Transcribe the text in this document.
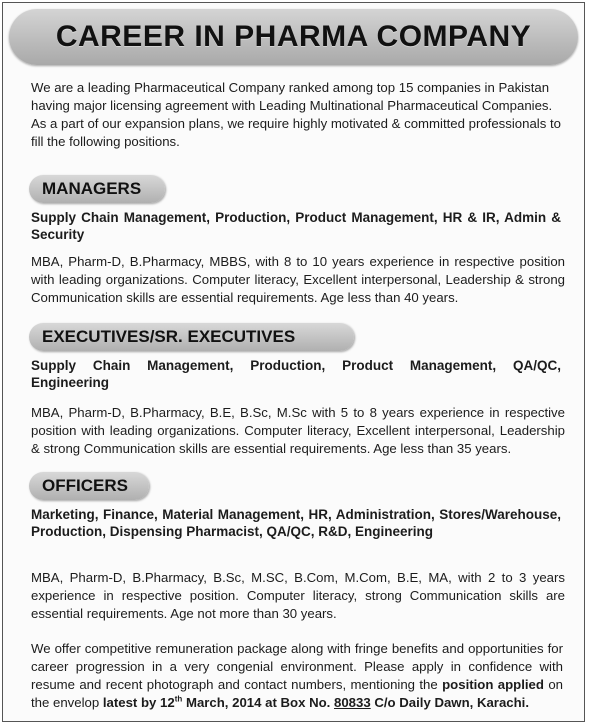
CAREER IN PHARMA COMPANY

We are a leading Pharmaceutical Company ranked among top 15 companies in Pakistan having major licensing agreement with Leading Multinational Pharmaceutical Companies. As a part of our expansion plans, we require highly motivated & committed professionals to fill the following positions.

MANAGERS

Supply Chain Management, Production, Product Management, HR & IR, Admin & Security

MBA, Pharm-D, B.Pharmacy, MBBS, with 8 to 10 years experience in respective position with leading organizations. Computer literacy, Excellent interpersonal, Leadership & strong Communication skills are essential requirements. Age less than 40 years.

EXECUTIVES/SR. EXECUTIVES

Supply Chain Management, Production, Product Management, QA/QC, Engineering

MBA, Pharm-D, B.Pharmacy, B.E, B.Sc, M.Sc with 5 to 8 years experience in respective position with leading organizations. Computer literacy, Excellent interpersonal, Leadership & strong Communication skills are essential requirements. Age less than 35 years.

OFFICERS

Marketing, Finance, Material Management, HR, Administration, Stores/Warehouse, Production, Dispensing Pharmacist, QA/QC, R&D, Engineering

MBA, Pharm-D, B.Pharmacy, B.Sc, M.SC, B.Com, M.Com, B.E, MA, with 2 to 3 years experience in respective position. Computer literacy, strong Communication skills are essential requirements. Age not more than 30 years.

We offer competitive remuneration package along with fringe benefits and opportunities for career progression in a very congenial environment. Please apply in confidence with resume and recent photograph and contact numbers, mentioning the position applied on the envelop latest by 12th March, 2014 at Box No. 80833 C/o Daily Dawn, Karachi.
